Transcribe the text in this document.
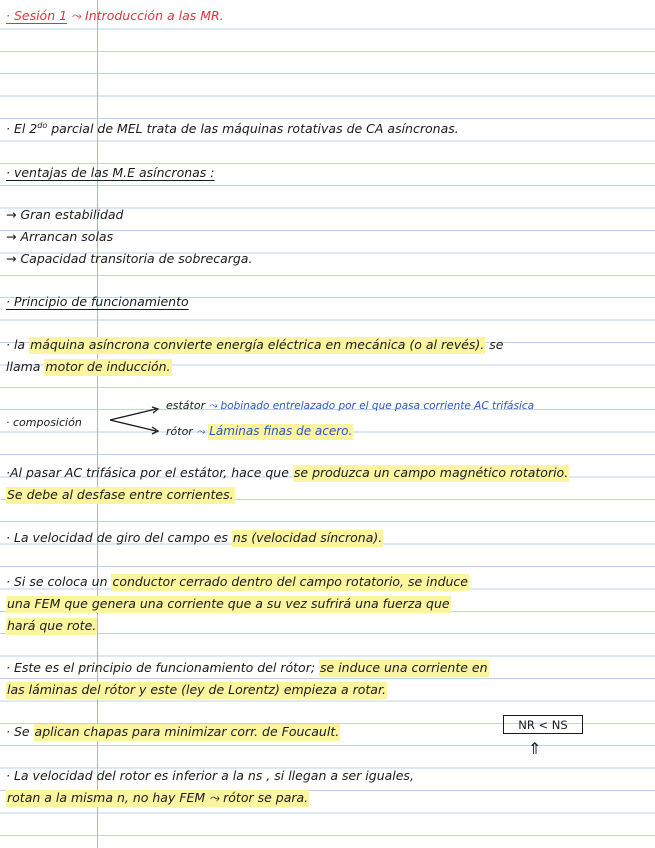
· Sesión 1 ⤳ Introducción a las MR.
· El $2^{do}$ parcial de MEL trata de las máquinas rotativas de CA asíncronas.
· ventajas de las M.E asíncronas :
→ Gran estabilidad
→ Arrancan solas
→ Capacidad transitoria de sobrecarga.
· Principio de funcionamiento
· la máquina asíncrona convierte energía eléctrica en mecánica (o al revés). se
llama motor de inducción.
· composición
estátor ⤳ bobinado entrelazado por el que pasa corriente AC trifásica
rótor ⤳ Láminas finas de acero.
·Al pasar AC trifásica por el estátor, hace que se produzca un campo magnético rotatorio.
Se debe al desfase entre corrientes.
· La velocidad de giro del campo es ns (velocidad síncrona).
· Si se coloca un conductor cerrado dentro del campo rotatorio, se induce
una FEM que genera una corriente que a su vez sufrirá una fuerza que
hará que rote.
· Este es el principio de funcionamiento del rótor; se induce una corriente en
las láminas del rótor y este (ley de Lorentz) empieza a rotar.
· Se aplican chapas para minimizar corr. de Foucault.	NR < NS
⇑
· La velocidad del rotor es inferior a la ns , si llegan a ser iguales,
rotan a la misma n, no hay FEM ⤳ rótor se para.
